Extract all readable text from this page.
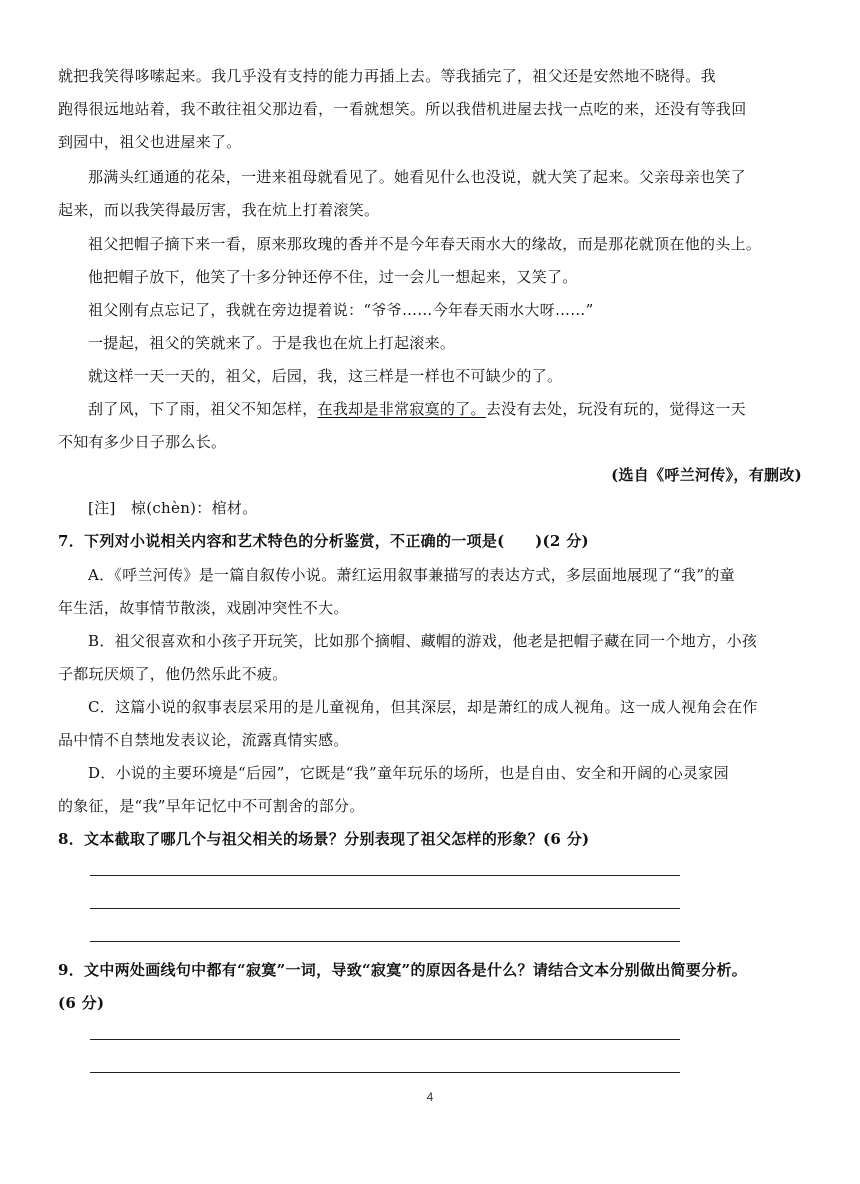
就把我笑得哆嗦起来。我几乎没有支持的能力再插上去。等我插完了，祖父还是安然地不晓得。我
跑得很远地站着，我不敢往祖父那边看，一看就想笑。所以我借机进屋去找一点吃的来，还没有等我回
到园中，祖父也进屋来了。
那满头红通通的花朵，一进来祖母就看见了。她看见什么也没说，就大笑了起来。父亲母亲也笑了
起来，而以我笑得最厉害，我在炕上打着滚笑。
祖父把帽子摘下来一看，原来那玫瑰的香并不是今年春天雨水大的缘故，而是那花就顶在他的头上。
他把帽子放下，他笑了十多分钟还停不住，过一会儿一想起来，又笑了。
祖父刚有点忘记了，我就在旁边提着说：“爷爷……今年春天雨水大呀……”
一提起，祖父的笑就来了。于是我也在炕上打起滚来。
就这样一天一天的，祖父，后园，我，这三样是一样也不可缺少的了。
刮了风，下了雨，祖父不知怎样，在我却是非常寂寞的了。去没有去处，玩没有玩的，觉得这一天
不知有多少日子那么长。
(选自《呼兰河传》，有删改)
[注]　椋(chèn)：棺材。
7．下列对小说相关内容和艺术特色的分析鉴赏，不正确的一项是(　　)(2 分)
A．《呼兰河传》是一篇自叙传小说。萧红运用叙事兼描写的表达方式，多层面地展现了“我”的童
年生活，故事情节散淡，戏剧冲突性不大。
B．祖父很喜欢和小孩子开玩笑，比如那个摘帽、藏帽的游戏，他老是把帽子藏在同一个地方，小孩
子都玩厌烦了，他仍然乐此不疲。
C．这篇小说的叙事表层采用的是儿童视角，但其深层，却是萧红的成人视角。这一成人视角会在作
品中情不自禁地发表议论，流露真情实感。
D．小说的主要环境是“后园”，它既是“我”童年玩乐的场所，也是自由、安全和开阔的心灵家园
的象征，是“我”早年记忆中不可割舍的部分。
8．文本截取了哪几个与祖父相关的场景？分别表现了祖父怎样的形象？(6 分)
9．文中两处画线句中都有“寂寞”一词，导致“寂寞”的原因各是什么？请结合文本分别做出简要分析。
(6 分)
4
